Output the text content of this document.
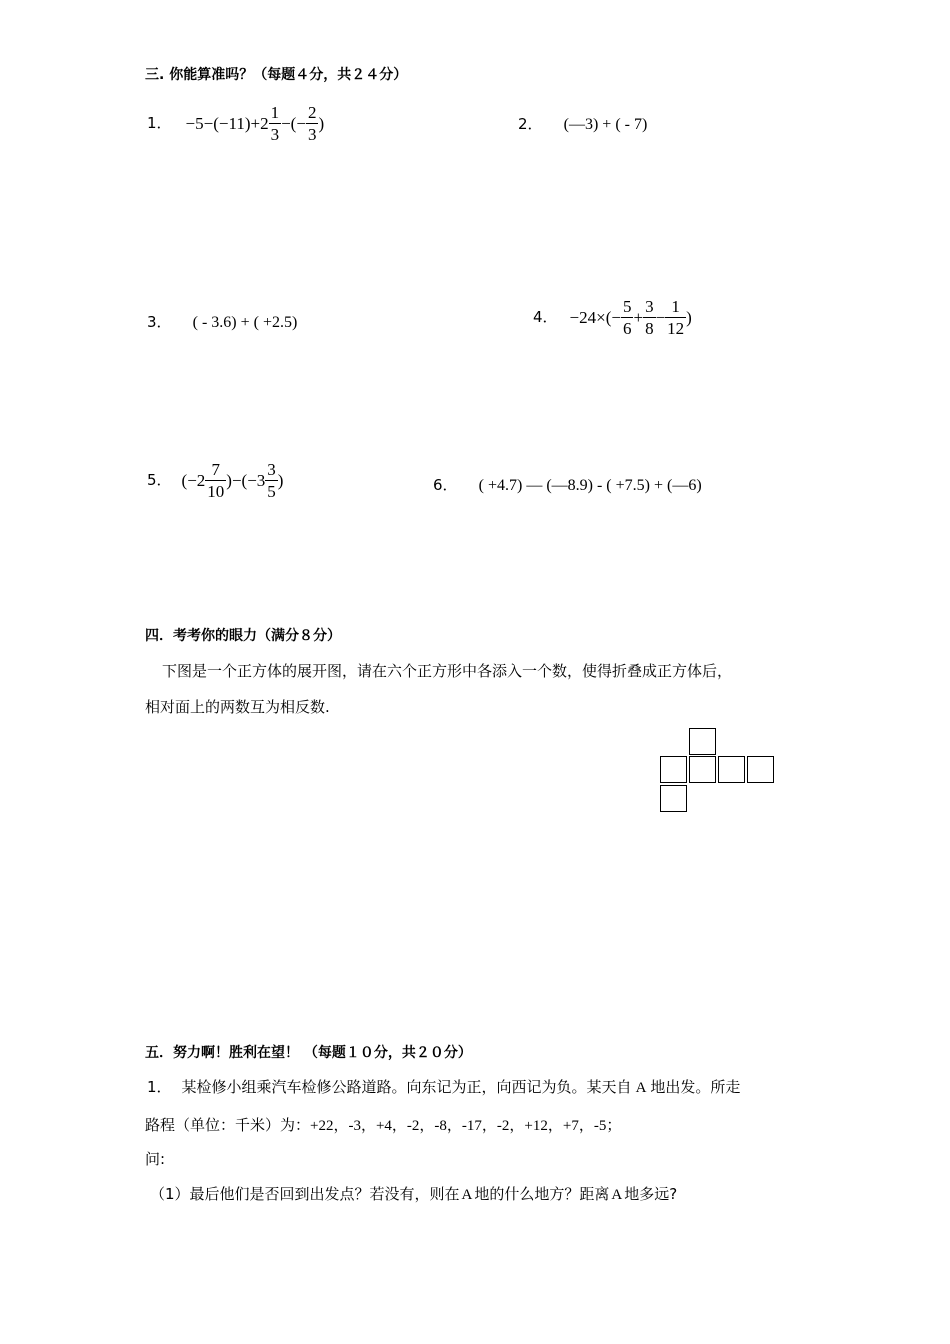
三. 你能算准吗？（每题４分，共２４分）
1． $-5-(-11)+2 \frac{1}{3}$ −(− $\frac{2}{3}$ )	2． (—3) + ( - 7)
3． ( - 3.6) + ( +2.5)	4． $-24\times(- \frac{5}{6} + \frac{3}{8} - \frac{1}{12}$ )
5． $(-2 \frac{7}{10} )-(-3 \frac{3}{5}$ )	6． ( +4.7) — (—8.9) - ( +7.5) + (—6)
四．考考你的眼力（满分８分）
下图是一个正方体的展开图，请在六个正方形中各添入一个数，使得折叠成正方体后，
相对面上的两数互为相反数.
五．努力啊！胜利在望！ （每题１０分，共２０分）
1． 某检修小组乘汽车检修公路道路。向东记为正，向西记为负。某天自 A 地出发。所走
路程（单位：千米）为：+22，-3，+4，-2，-8，-17，-2，+12，+7，-5；
问:
（1）最后他们是否回到出发点？若没有，则在 A 地的什么地方？距离 A 地多远?
